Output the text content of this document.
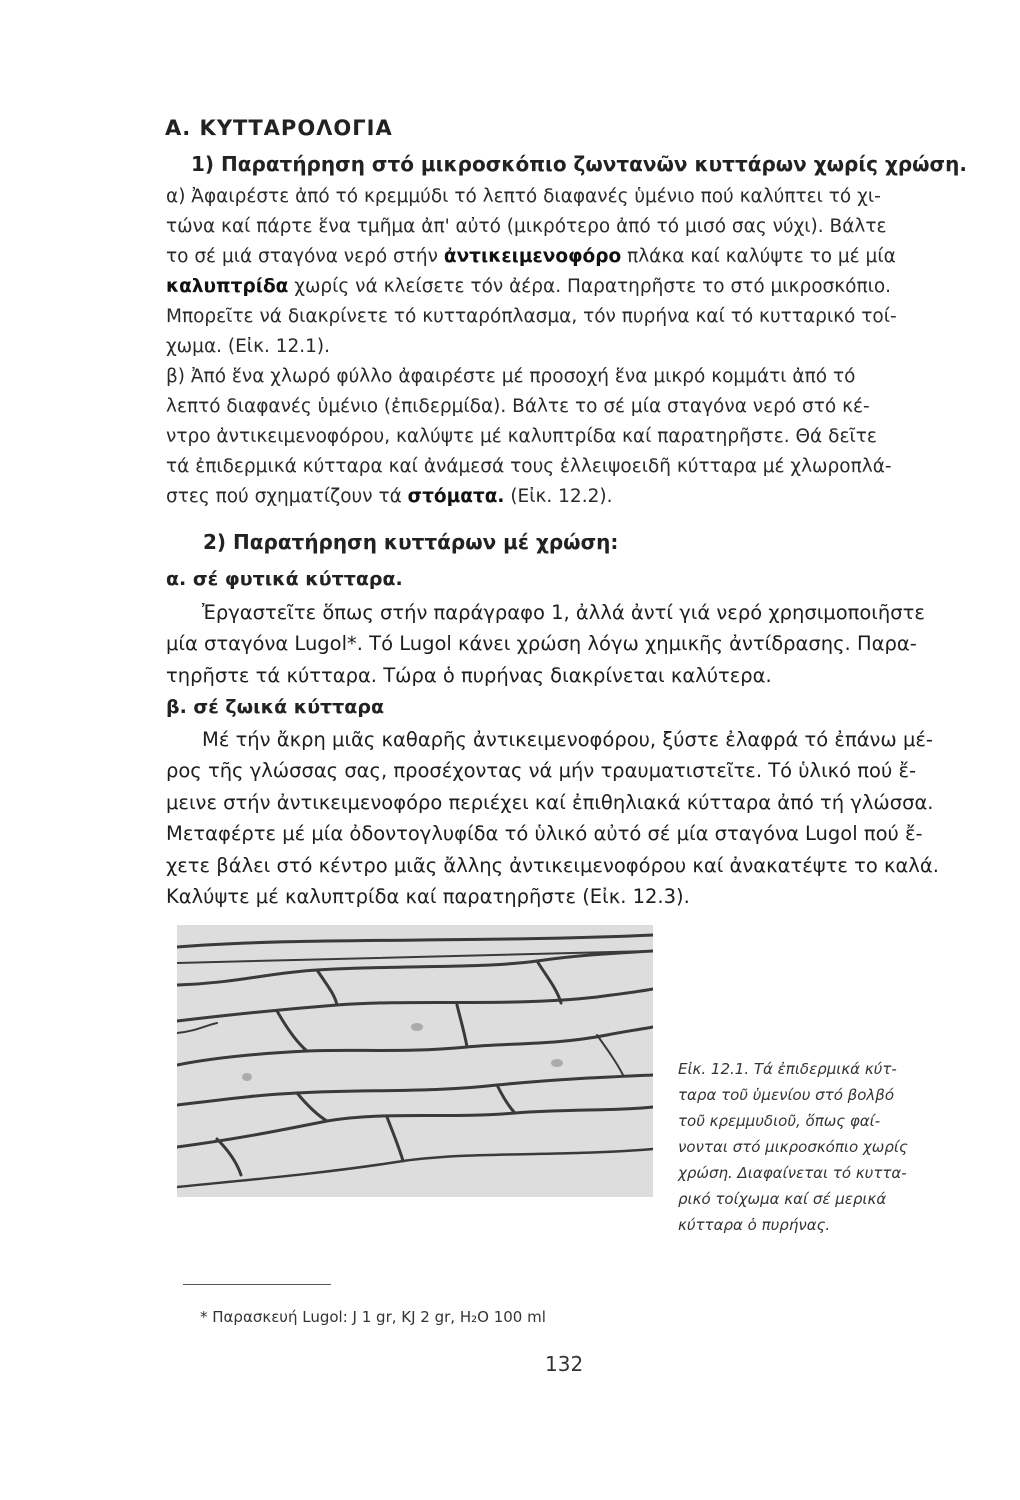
Α. ΚΥΤΤΑΡΟΛΟΓΙΑ
1) Παρατήρηση στό μικροσκόπιο ζωντανῶν κυττάρων χωρίς χρώση.
α) Ἀφαιρέστε ἀπό τό κρεμμύδι τό λεπτό διαφανές ὑμένιο πού καλύπτει τό χι-
τώνα καί πάρτε ἕνα τμῆμα ἀπ' αὐτό (μικρότερο ἀπό τό μισό σας νύχι). Βάλτε
το σέ μιά σταγόνα νερό στήν ἀντικειμενοφόρο πλάκα καί καλύψτε το μέ μία
καλυπτρίδα χωρίς νά κλείσετε τόν ἀέρα. Παρατηρῆστε το στό μικροσκόπιο.
Μπορεῖτε νά διακρίνετε τό κυτταρόπλασμα, τόν πυρήνα καί τό κυτταρικό τοί-
χωμα. (Εἰκ. 12.1).
β) Ἀπό ἕνα χλωρό φύλλο ἀφαιρέστε μέ προσοχή ἕνα μικρό κομμάτι ἀπό τό
λεπτό διαφανές ὑμένιο (ἐπιδερμίδα). Βάλτε το σέ μία σταγόνα νερό στό κέ-
ντρο ἀντικειμενοφόρου, καλύψτε μέ καλυπτρίδα καί παρατηρῆστε. Θά δεῖτε
τά ἐπιδερμικά κύτταρα καί ἀνάμεσά τους ἐλλειψοειδῆ κύτταρα μέ χλωροπλά-
στες πού σχηματίζουν τά στόματα. (Εἰκ. 12.2).
2) Παρατήρηση κυττάρων μέ χρώση:
α. σέ φυτικά κύτταρα.
Ἐργαστεῖτε ὅπως στήν παράγραφο 1, ἀλλά ἀντί γιά νερό χρησιμοποιῆστε
μία σταγόνα Lugol*. Τό Lugol κάνει χρώση λόγω χημικῆς ἀντίδρασης. Παρα-
τηρῆστε τά κύτταρα. Τώρα ὁ πυρήνας διακρίνεται καλύτερα.
β. σέ ζωικά κύτταρα
Μέ τήν ἄκρη μιᾶς καθαρῆς ἀντικειμενοφόρου, ξύστε ἐλαφρά τό ἐπάνω μέ-
ρος τῆς γλώσσας σας, προσέχοντας νά μήν τραυματιστεῖτε. Τό ὑλικό πού ἔ-
μεινε στήν ἀντικειμενοφόρο περιέχει καί ἐπιθηλιακά κύτταρα ἀπό τή γλώσσα.
Μεταφέρτε μέ μία ὀδοντογλυφίδα τό ὑλικό αὐτό σέ μία σταγόνα Lugol πού ἔ-
χετε βάλει στό κέντρο μιᾶς ἄλλης ἀντικειμενοφόρου καί ἀνακατέψτε το καλά.
Καλύψτε μέ καλυπτρίδα καί παρατηρῆστε (Εἰκ. 12.3).
Εἰκ. 12.1. Τά ἐπιδερμικά κύτ-
ταρα τοῦ ὑμενίου στό βολβό
τοῦ κρεμμυδιοῦ, ὅπως φαί-
νονται στό μικροσκόπιο χωρίς
χρώση. Διαφαίνεται τό κυττα-
ρικό τοίχωμα καί σέ μερικά
κύτταρα ὁ πυρήνας.
* Παρασκευή Lugol: J 1 gr, KJ 2 gr, H₂O 100 ml
132
